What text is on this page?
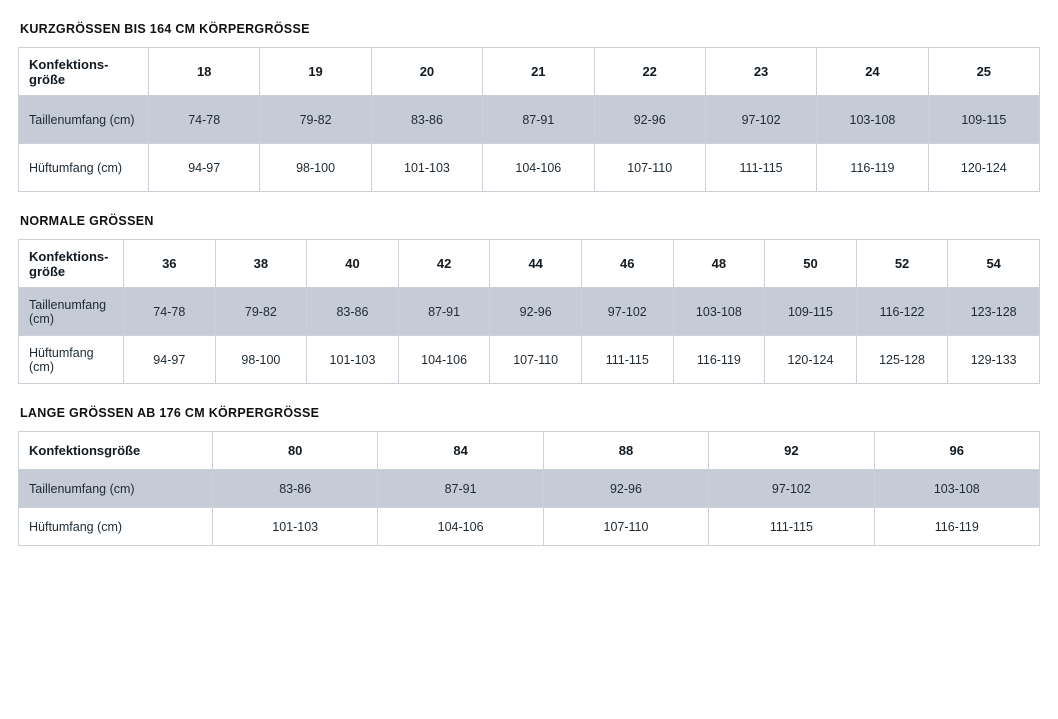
KURZGRÖSSEN BIS 164 CM KÖRPERGRÖSSE
Konfektions-größe	18	19	20	21	22	23	24	25
Taillenumfang (cm)	74-78	79-82	83-86	87-91	92-96	97-102	103-108	109-115
Hüftumfang (cm)	94-97	98-100	101-103	104-106	107-110	111-115	116-119	120-124
NORMALE GRÖSSEN
Konfektions-größe	36	38	40	42	44	46	48	50	52	54
Taillenumfang (cm)	74-78	79-82	83-86	87-91	92-96	97-102	103-108	109-115	116-122	123-128
Hüftumfang (cm)	94-97	98-100	101-103	104-106	107-110	111-115	116-119	120-124	125-128	129-133
LANGE GRÖSSEN AB 176 CM KÖRPERGRÖSSE
Konfektionsgröße	80	84	88	92	96
Taillenumfang (cm)	83-86	87-91	92-96	97-102	103-108
Hüftumfang (cm)	101-103	104-106	107-110	111-115	116-119
